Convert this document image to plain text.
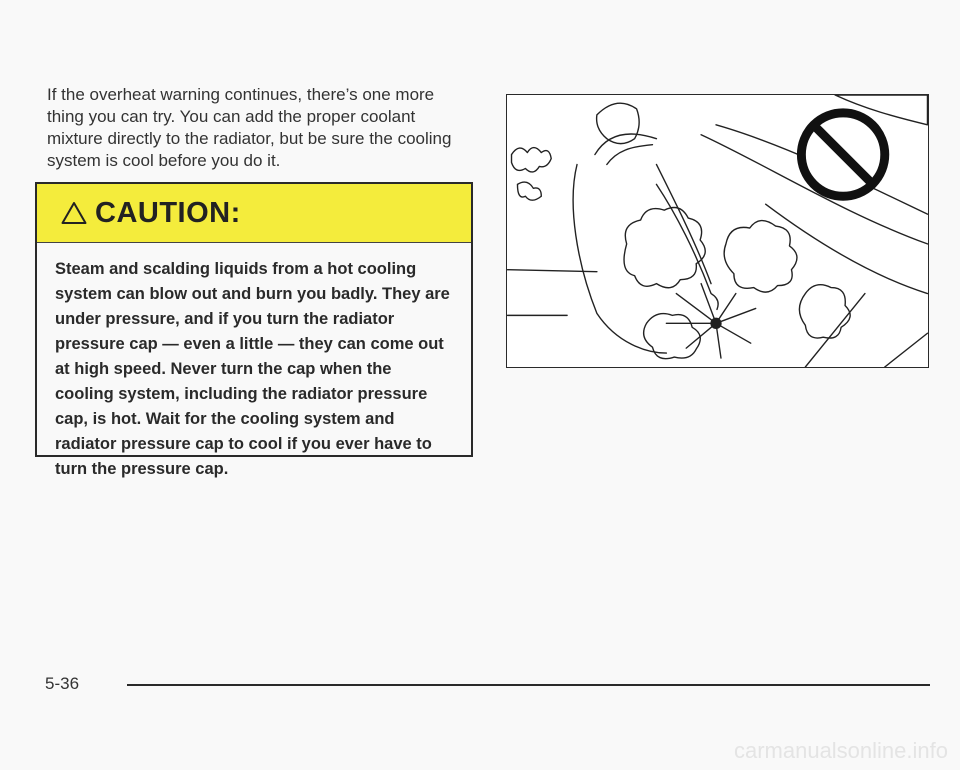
If the overheat warning continues, there’s one more thing you can try. You can add the proper coolant mixture directly to the radiator, but be sure the cooling system is cool before you do it.

CAUTION:

Steam and scalding liquids from a hot cooling system can blow out and burn you badly. They are under pressure, and if you turn the radiator pressure cap — even a little — they can come out at high speed. Never turn the cap when the cooling system, including the radiator pressure cap, is hot. Wait for the cooling system and radiator pressure cap to cool if you ever have to turn the pressure cap.

5-36
carmanualsonline.info
